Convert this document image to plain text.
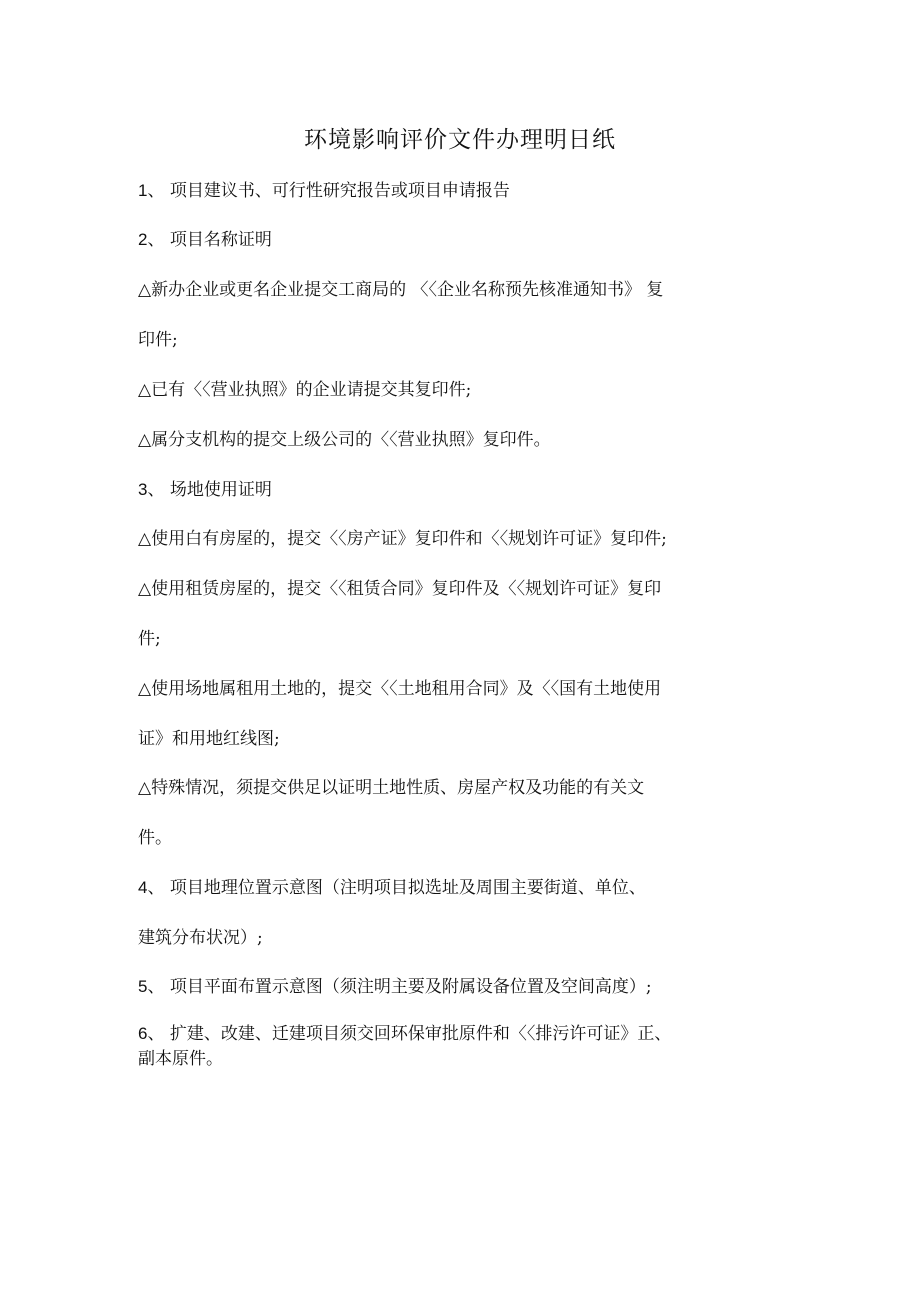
环境影响评价文件办理明日纸
1、 项目建议书、可行性研究报告或项目申请报告
2、 项目名称证明
△新办企业或更名企业提交工商局的 〈〈企业名称预先核准通知书》 复
印件;
△已有〈〈营业执照》的企业请提交其复印件;
△属分支机构的提交上级公司的〈〈营业执照》复印件。
3、 场地使用证明
△使用白有房屋的，提交〈〈房产证》复印件和〈〈规划许可证》复印件;
△使用租赁房屋的，提交〈〈租赁合同》复印件及〈〈规划许可证》复印
件;
△使用场地属租用土地的，提交〈〈土地租用合同》及〈〈国有土地使用
证》和用地红线图;
△特殊情况，须提交供足以证明土地性质、房屋产权及功能的有关文
件。
4、 项目地理位置示意图（注明项目拟选址及周围主要街道、单位、
建筑分布状况）;
5、 项目平面布置示意图（须注明主要及附属设备位置及空间高度）;
6、 扩建、改建、迁建项目须交回环保审批原件和〈〈排污许可证》正、
副本原件。
